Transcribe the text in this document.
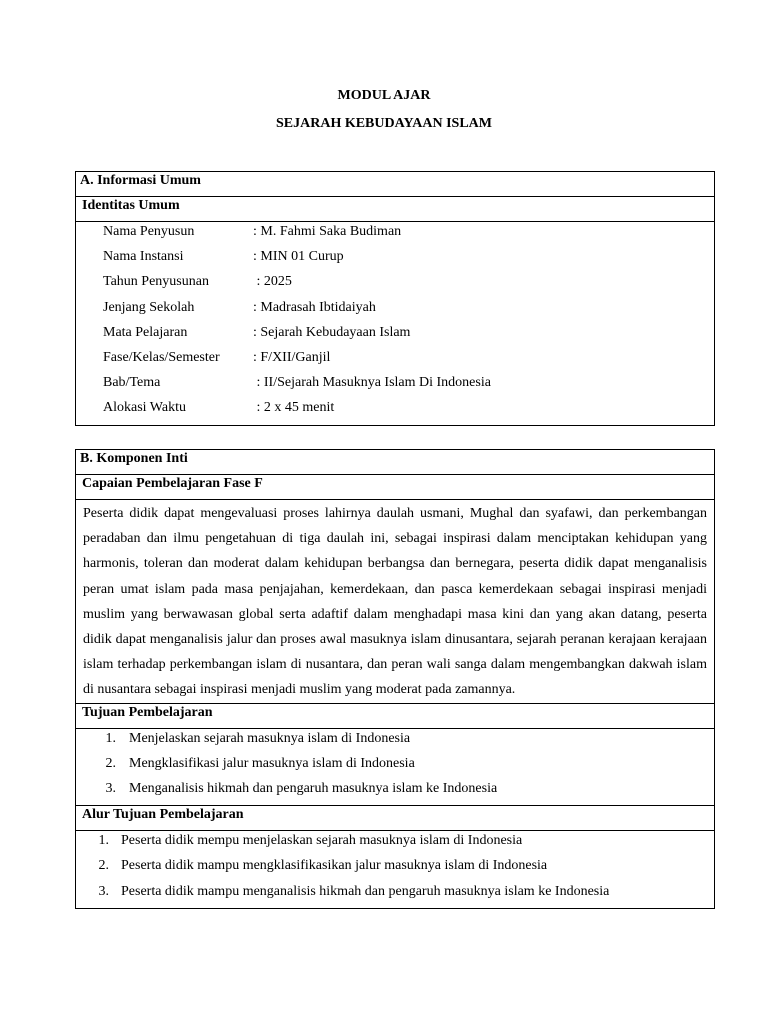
MODUL AJAR
SEJARAH KEBUDAYAAN ISLAM
A. Informasi Umum
Identitas Umum

Nama Penyusun	: M. Fahmi Saka Budiman
Nama Instansi	: MIN 01 Curup
Tahun Penyusunan	: 2025
Jenjang Sekolah	: Madrasah Ibtidaiyah
Mata Pelajaran	: Sejarah Kebudayaan Islam
Fase/Kelas/Semester : F/XII/Ganjil
Bab/Tema	: II/Sejarah Masuknya Islam Di Indonesia
Alokasi Waktu	: 2 x 45 menit
B. Komponen Inti
Capaian Pembelajaran Fase F
Peserta didik dapat mengevaluasi proses lahirnya daulah usmani, Mughal dan syafawi, dan perkembangan peradaban dan ilmu pengetahuan di tiga daulah ini, sebagai inspirasi dalam menciptakan kehidupan yang harmonis, toleran dan moderat dalam kehidupan berbangsa dan bernegara, peserta didik dapat menganalisis peran umat islam pada masa penjajahan, kemerdekaan, dan pasca kemerdekaan sebagai inspirasi menjadi muslim yang berwawasan global serta adaftif dalam menghadapi masa kini dan yang akan datang, peserta didik dapat menganalisis jalur dan proses awal masuknya islam dinusantara, sejarah peranan kerajaan kerajaan islam terhadap perkembangan islam di nusantara, dan peran wali sanga dalam mengembangkan dakwah islam di nusantara sebagai inspirasi menjadi muslim yang moderat pada zamannya.
Tujuan Pembelajaran

1. Menjelaskan sejarah masuknya islam di Indonesia
2. Mengklasifikasi jalur masuknya islam di Indonesia
3. Menganalisis hikmah dan pengaruh masuknya islam ke Indonesia

Alur Tujuan Pembelajaran

1. Peserta didik mempu menjelaskan sejarah masuknya islam di Indonesia
2. Peserta didik mampu mengklasifikasikan jalur masuknya islam di Indonesia
3. Peserta didik mampu menganalisis hikmah dan pengaruh masuknya islam ke Indonesia
